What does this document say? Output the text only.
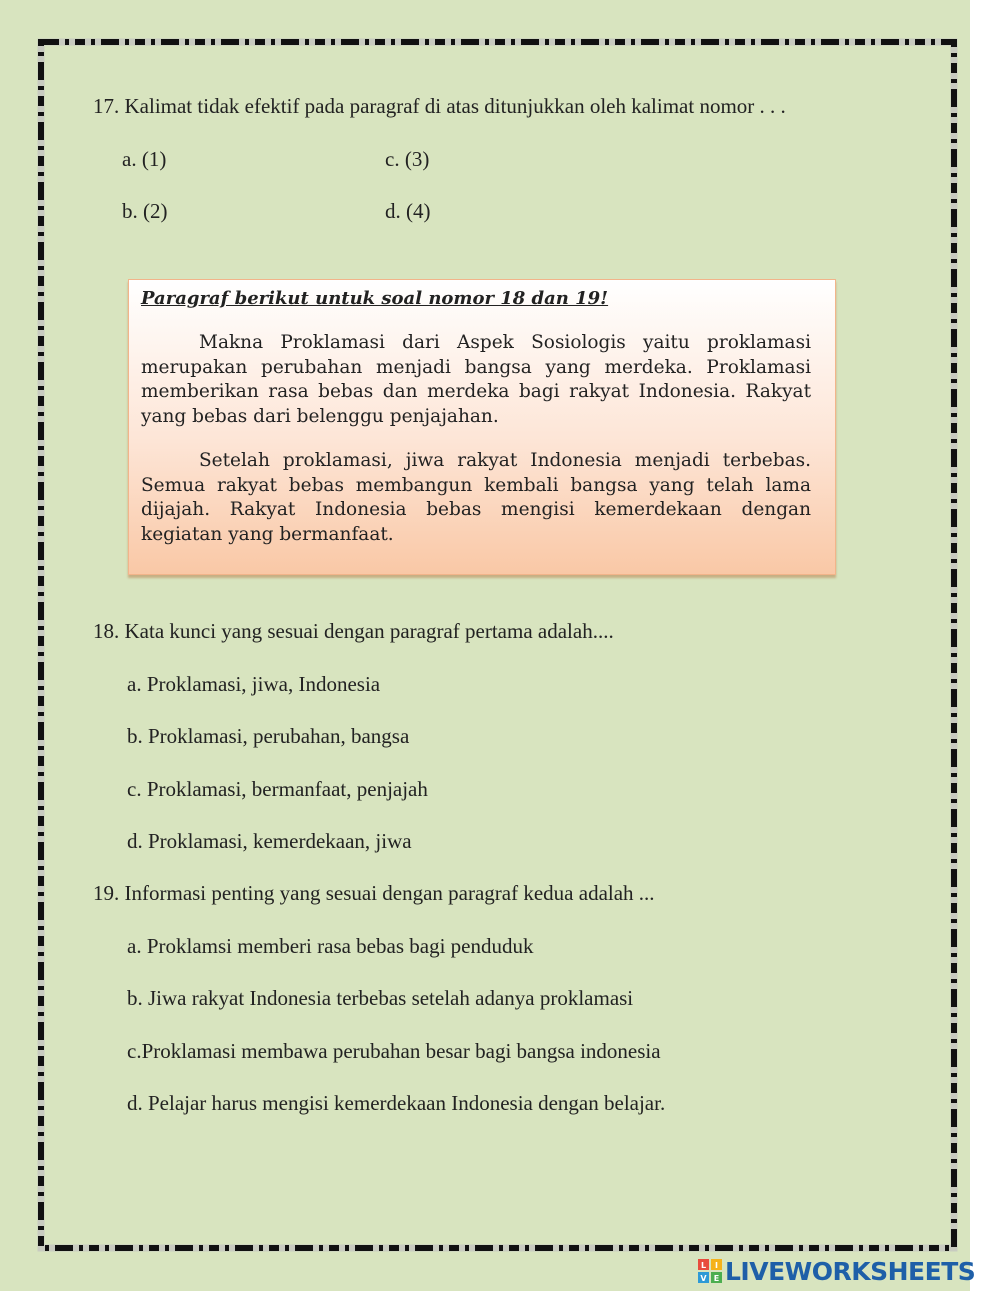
17. Kalimat tidak efektif pada paragraf di atas ditunjukkan oleh kalimat nomor . . .
a. (1)	c. (3)
b. (2)	d. (4)
Paragraf berikut untuk soal nomor 18 dan 19!

Makna Proklamasi dari Aspek Sosiologis yaitu proklamasi merupakan perubahan menjadi bangsa yang merdeka. Proklamasi memberikan rasa bebas dan merdeka bagi rakyat Indonesia. Rakyat yang bebas dari belenggu penjajahan.

Setelah proklamasi, jiwa rakyat Indonesia menjadi terbebas. Semua rakyat bebas membangun kembali bangsa yang telah lama dijajah. Rakyat Indonesia bebas mengisi kemerdekaan dengan kegiatan yang bermanfaat.

18. Kata kunci yang sesuai dengan paragraf pertama adalah....
a. Proklamasi, jiwa, Indonesia
b. Proklamasi, perubahan, bangsa
c. Proklamasi, bermanfaat, penjajah
d. Proklamasi, kemerdekaan, jiwa
19. Informasi penting yang sesuai dengan paragraf kedua adalah ...
a. Proklamsi memberi rasa bebas bagi penduduk
b. Jiwa rakyat Indonesia terbebas setelah adanya proklamasi
c.Proklamasi membawa perubahan besar bagi bangsa indonesia
d. Pelajar harus mengisi kemerdekaan Indonesia dengan belajar.
L I
V E LIVEWORKSHEETS
